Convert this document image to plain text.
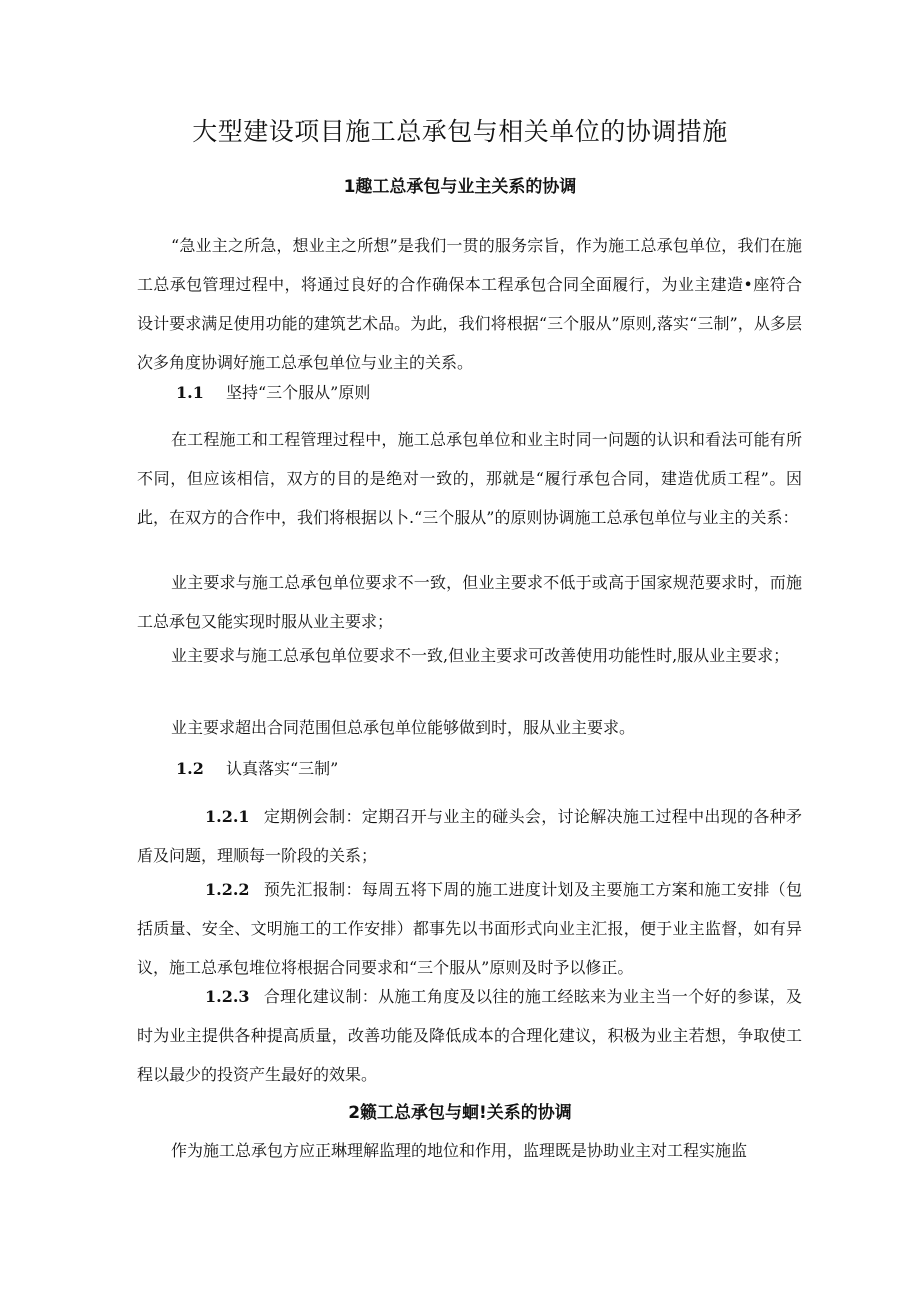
大型建设项目施工总承包与相关单位的协调措施
1趣工总承包与业主关系的协调
“急业主之所急，想业主之所想”是我们一贯的服务宗旨，作为施工总承包单位，我们在施工总承包管理过程中，将通过良好的合作确保本工程承包合同全面履行，为业主建造•座符合设计要求满足使用功能的建筑艺术品。为此，我们将根据“三个服从”原则,落实“三制”，从多层次多角度协调好施工总承包单位与业主的关系。
1.1 坚持“三个服从”原则
在工程施工和工程管理过程中，施工总承包单位和业主时同一问题的认识和看法可能有所不同，但应该相信，双方的目的是绝对一致的，那就是“履行承包合同，建造优质工程”。因此，在双方的合作中，我们将根据以卜.“三个服从”的原则协调施工总承包单位与业主的关系：
业主要求与施工总承包单位要求不一致，但业主要求不低于或高于国家规范要求时，而施工总承包又能实现时服从业主要求；
业主要求与施工总承包单位要求不一致,但业主要求可改善使用功能性时,服从业主要求；
业主要求超出合同范围但总承包单位能够做到时，服从业主要求。
1.2 认真落实“三制”
1.2.1 定期例会制：定期召开与业主的碰头会，讨论解决施工过程中出现的各种矛盾及问题，理顺每一阶段的关系；
1.2.2 预先汇报制：每周五将下周的施工进度计划及主要施工方案和施工安排（包括质量、安全、文明施工的工作安排）都事先以书面形式向业主汇报，便于业主监督，如有异议，施工总承包堆位将根据合同要求和“三个服从”原则及时予以修正。
1.2.3 合理化建议制：从施工角度及以往的施工经眩来为业主当一个好的参谋，及时为业主提供各种提高质量，改善功能及降低成本的合理化建议，积极为业主若想，争取使工程以最少的投资产生最好的效果。
2籁工总承包与蛔!关系的协调
作为施工总承包方应正琳理解监理的地位和作用，监理既是协助业主对工程实施监
